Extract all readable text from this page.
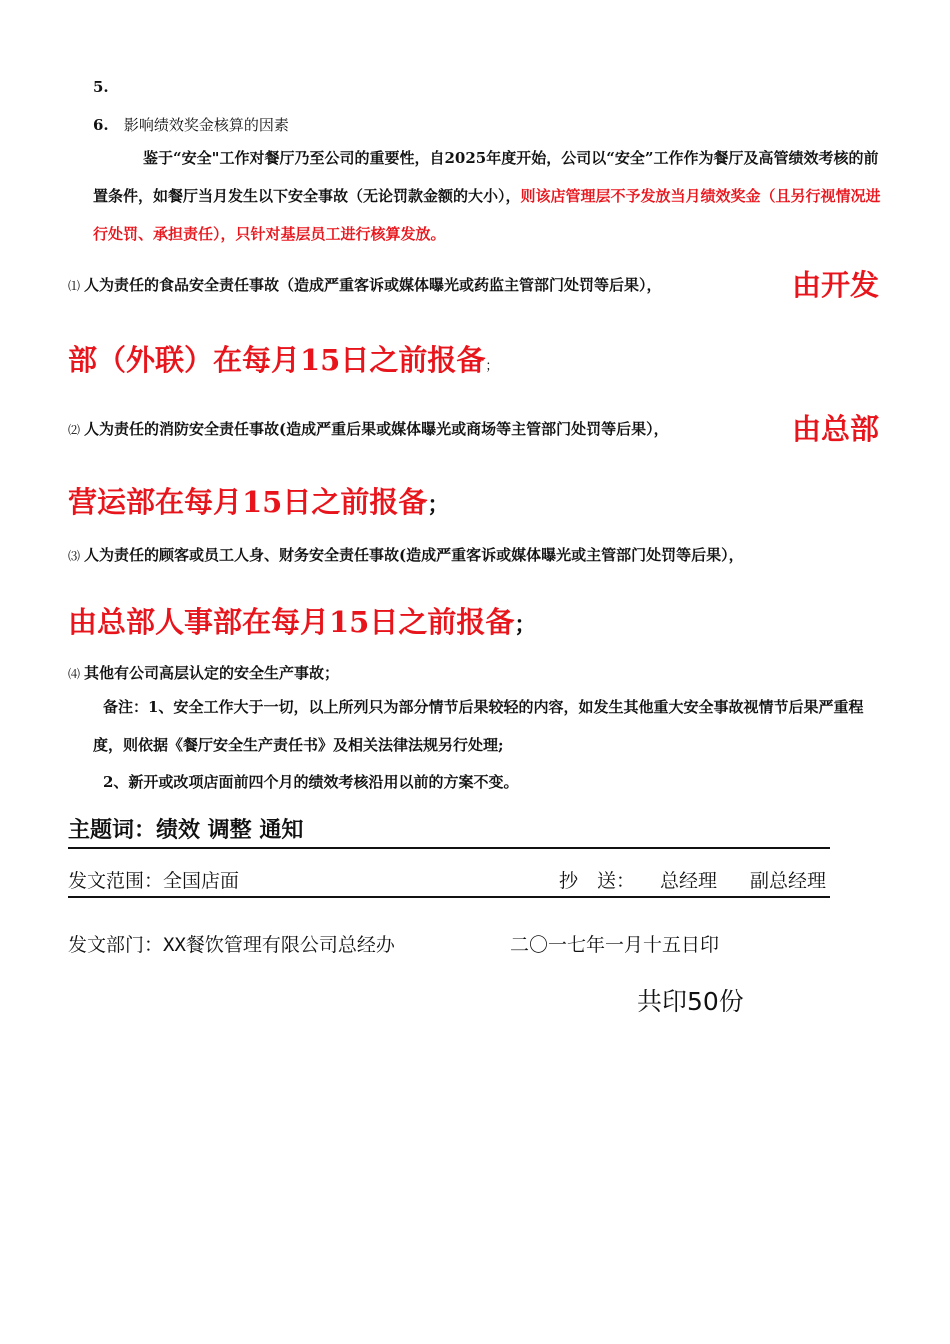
5.
6. 影响绩效奖金核算的因素
鉴于“安全"工作对餐厅乃至公司的重要性，自2025年度开始，公司以“安全”工作作为餐厅及高管绩效考核的前置条件，如餐厅当月发生以下安全事故（无论罚款金额的大小），则该店管理层不予发放当月绩效奖金（且另行视情况进行处罚、承担责任），只针对基层员工进行核算发放。
⑴ 人为责任的食品安全责任事故（造成严重客诉或媒体曝光或药监主管部门处罚等后果），	由开发
部（外联）在每月15日之前报备；
⑵ 人为责任的消防安全责任事故(造成严重后果或媒体曝光或商场等主管部门处罚等后果），	由总部
营运部在每月15日之前报备；
⑶ 人为责任的顾客或员工人身、财务安全责任事故(造成严重客诉或媒体曝光或主管部门处罚等后果），
由总部人事部在每月15日之前报备；
⑷ 其他有公司高层认定的安全生产事故；
备注：1、安全工作大于一切，以上所列只为部分情节后果较轻的内容，如发生其他重大安全事故视情节后果严重程度，则依据《餐厅安全生产责任书》及相关法律法规另行处理;
2、新开或改项店面前四个月的绩效考核沿用以前的方案不变。
主题词：绩效 调整 通知
发文范围：全国店面	抄　送： 总经理 副总经理
发文部门：XX餐饮管理有限公司总经办	二〇一七年一月十五日印
共印50份
